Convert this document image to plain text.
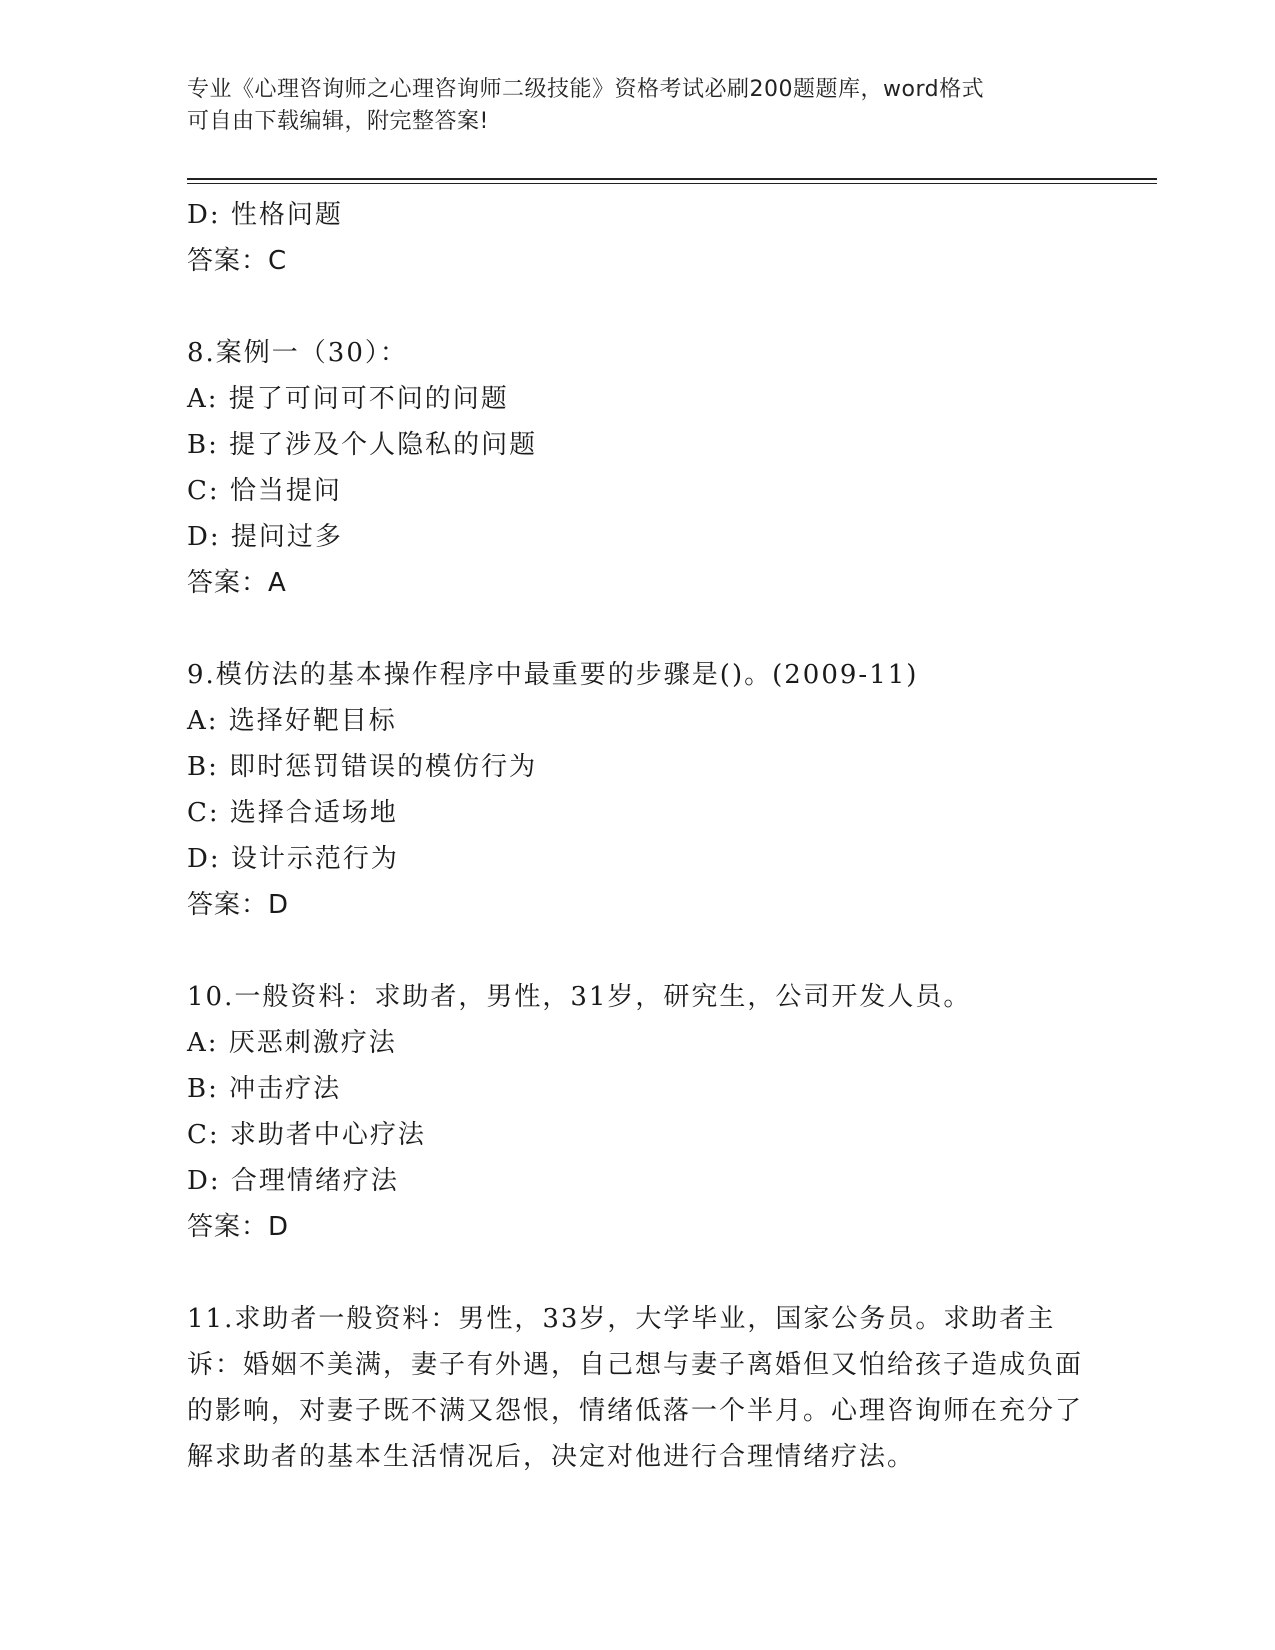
专业《心理咨询师之心理咨询师二级技能》资格考试必刷200题题库，word格式
可自由下载编辑，附完整答案!
D: 性格问题
答案：C
8.案例一（30）：
A: 提了可问可不问的问题
B: 提了涉及个人隐私的问题
C: 恰当提问
D: 提问过多
答案：A
9.模仿法的基本操作程序中最重要的步骤是()。(2009-11)
A: 选择好靶目标
B: 即时惩罚错误的模仿行为
C: 选择合适场地
D: 设计示范行为
答案：D
10.一般资料：求助者，男性，31岁，研究生，公司开发人员。
A: 厌恶刺激疗法
B: 冲击疗法
C: 求助者中心疗法
D: 合理情绪疗法
答案：D
11.求助者一般资料：男性，33岁，大学毕业，国家公务员。求助者主诉：婚姻不美满，妻子有外遇，自己想与妻子离婚但又怕给孩子造成负面的影响，对妻子既不满又怨恨，情绪低落一个半月。心理咨询师在充分了解求助者的基本生活情况后，决定对他进行合理情绪疗法。
